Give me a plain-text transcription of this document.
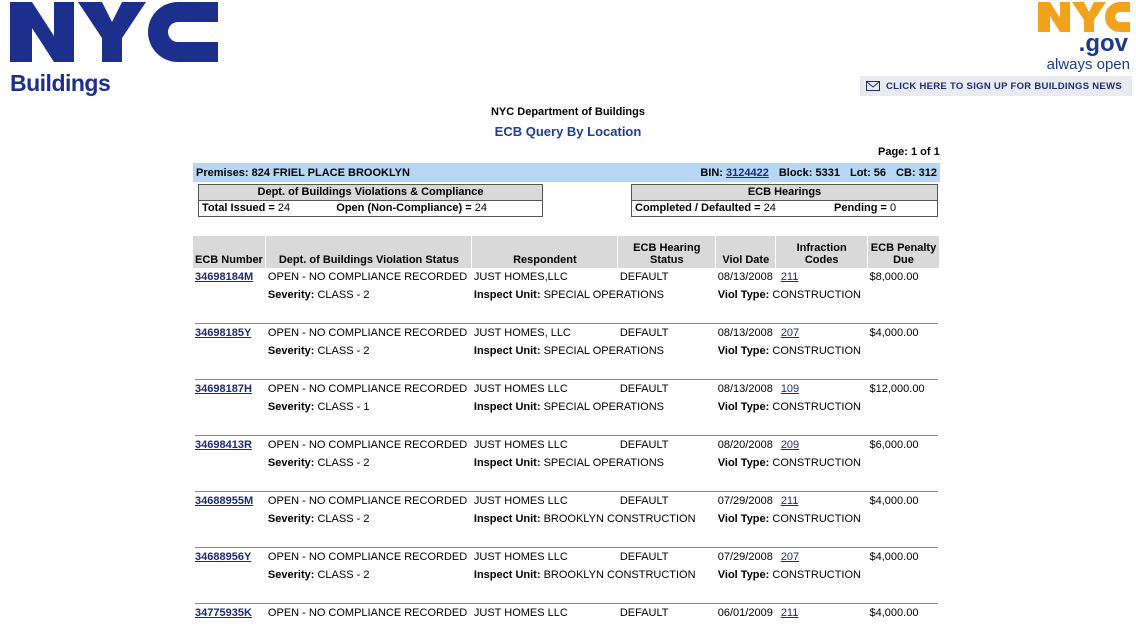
Buildings
.gov
always open
CLICK HERE TO SIGN UP FOR BUILDINGS NEWS
NYC Department of Buildings
ECB Query By Location
Page: 1 of 1
Premises: 824 FRIEL PLACE BROOKLYN	BIN: 3124422 Block: 5331 Lot: 56 CB: 312
Dept. of Buildings Violations & Compliance
Total Issued = 24	Open (Non-Compliance) = 24
ECB Hearings
Completed / Defaulted = 24	Pending = 0
ECB Number	Dept. of Buildings Violation Status	Respondent	ECB Hearing Status	Viol Date	Infraction Codes	ECB Penalty Due
34698184M	OPEN - NO COMPLIANCE RECORDED	JUST HOMES,LLC	DEFAULT	08/13/2008	211	$8,000.00
	Severity: CLASS - 2	Inspect Unit: SPECIAL OPERATIONS		Viol Type: CONSTRUCTION		

34698185Y	OPEN - NO COMPLIANCE RECORDED	JUST HOMES, LLC	DEFAULT	08/13/2008	207	$4,000.00
	Severity: CLASS - 2	Inspect Unit: SPECIAL OPERATIONS		Viol Type: CONSTRUCTION		

34698187H	OPEN - NO COMPLIANCE RECORDED	JUST HOMES LLC	DEFAULT	08/13/2008	109	$12,000.00
	Severity: CLASS - 1	Inspect Unit: SPECIAL OPERATIONS		Viol Type: CONSTRUCTION		

34698413R	OPEN - NO COMPLIANCE RECORDED	JUST HOMES LLC	DEFAULT	08/20/2008	209	$6,000.00
	Severity: CLASS - 2	Inspect Unit: SPECIAL OPERATIONS		Viol Type: CONSTRUCTION		

34688955M	OPEN - NO COMPLIANCE RECORDED	JUST HOMES LLC	DEFAULT	07/29/2008	211	$4,000.00
	Severity: CLASS - 2	Inspect Unit: BROOKLYN CONSTRUCTION		Viol Type: CONSTRUCTION		

34688956Y	OPEN - NO COMPLIANCE RECORDED	JUST HOMES LLC	DEFAULT	07/29/2008	207	$4,000.00
	Severity: CLASS - 2	Inspect Unit: BROOKLYN CONSTRUCTION		Viol Type: CONSTRUCTION		

34775935K	OPEN - NO COMPLIANCE RECORDED	JUST HOMES LLC	DEFAULT	06/01/2009	211	$4,000.00
